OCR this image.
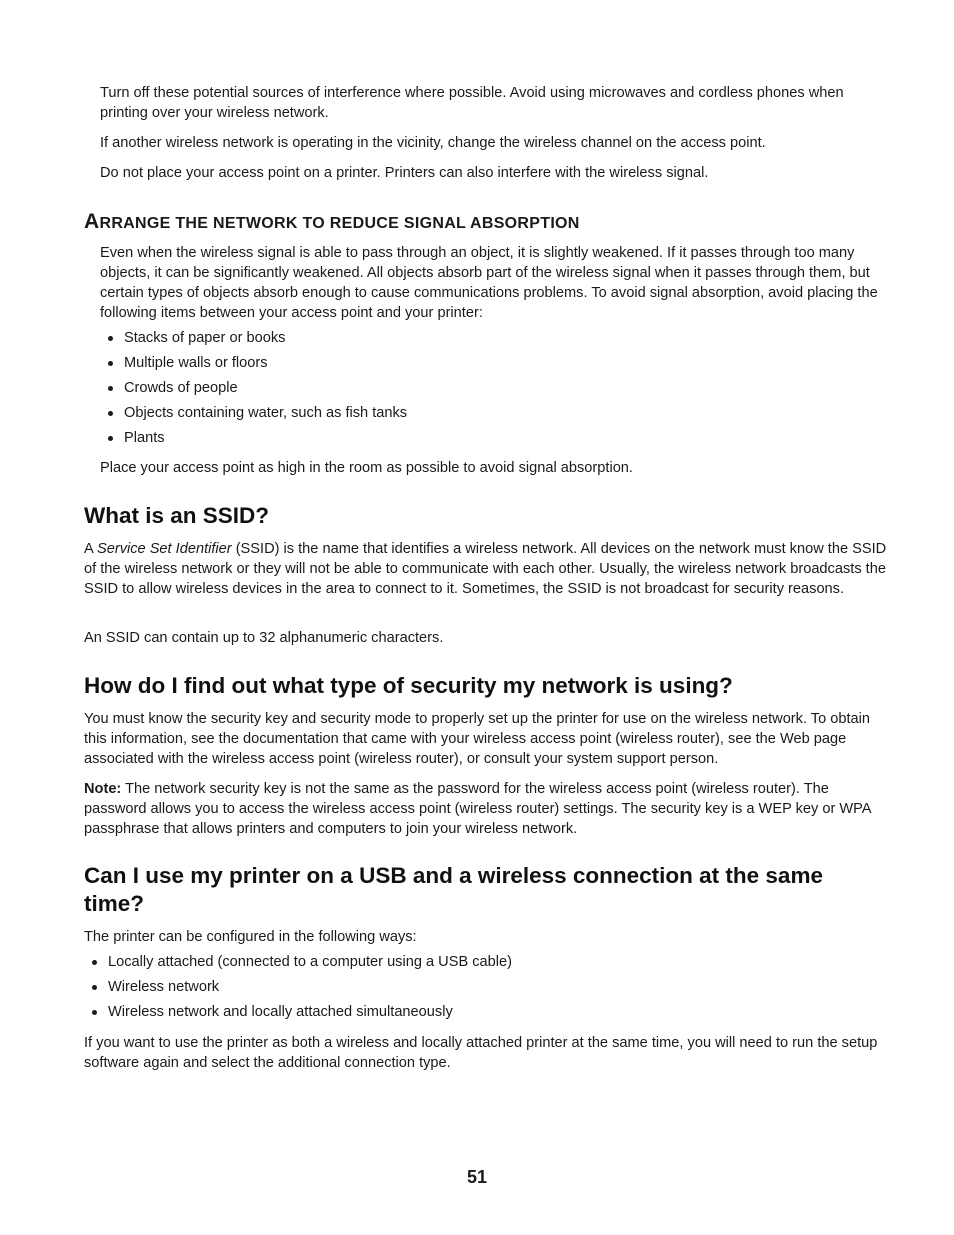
Turn off these potential sources of interference where possible. Avoid using microwaves and cordless phones when printing over your wireless network.

If another wireless network is operating in the vicinity, change the wireless channel on the access point.

Do not place your access point on a printer. Printers can also interfere with the wireless signal.

ARRANGE THE NETWORK TO REDUCE SIGNAL ABSORPTION

Even when the wireless signal is able to pass through an object, it is slightly weakened. If it passes through too many objects, it can be significantly weakened. All objects absorb part of the wireless signal when it passes through them, but certain types of objects absorb enough to cause communications problems. To avoid signal absorption, avoid placing the following items between your access point and your printer:

Stacks of paper or books
Multiple walls or floors
Crowds of people
Objects containing water, such as fish tanks
Plants

Place your access point as high in the room as possible to avoid signal absorption.

What is an SSID?

A Service Set Identifier (SSID) is the name that identifies a wireless network. All devices on the network must know the SSID of the wireless network or they will not be able to communicate with each other. Usually, the wireless network broadcasts the SSID to allow wireless devices in the area to connect to it. Sometimes, the SSID is not broadcast for security reasons.

An SSID can contain up to 32 alphanumeric characters.

How do I find out what type of security my network is using?

You must know the security key and security mode to properly set up the printer for use on the wireless network. To obtain this information, see the documentation that came with your wireless access point (wireless router), see the Web page associated with the wireless access point (wireless router), or consult your system support person.

Note: The network security key is not the same as the password for the wireless access point (wireless router). The password allows you to access the wireless access point (wireless router) settings. The security key is a WEP key or WPA passphrase that allows printers and computers to join your wireless network.

Can I use my printer on a USB and a wireless connection at the same time?

The printer can be configured in the following ways:

Locally attached (connected to a computer using a USB cable)
Wireless network
Wireless network and locally attached simultaneously

If you want to use the printer as both a wireless and locally attached printer at the same time, you will need to run the setup software again and select the additional connection type.

51
